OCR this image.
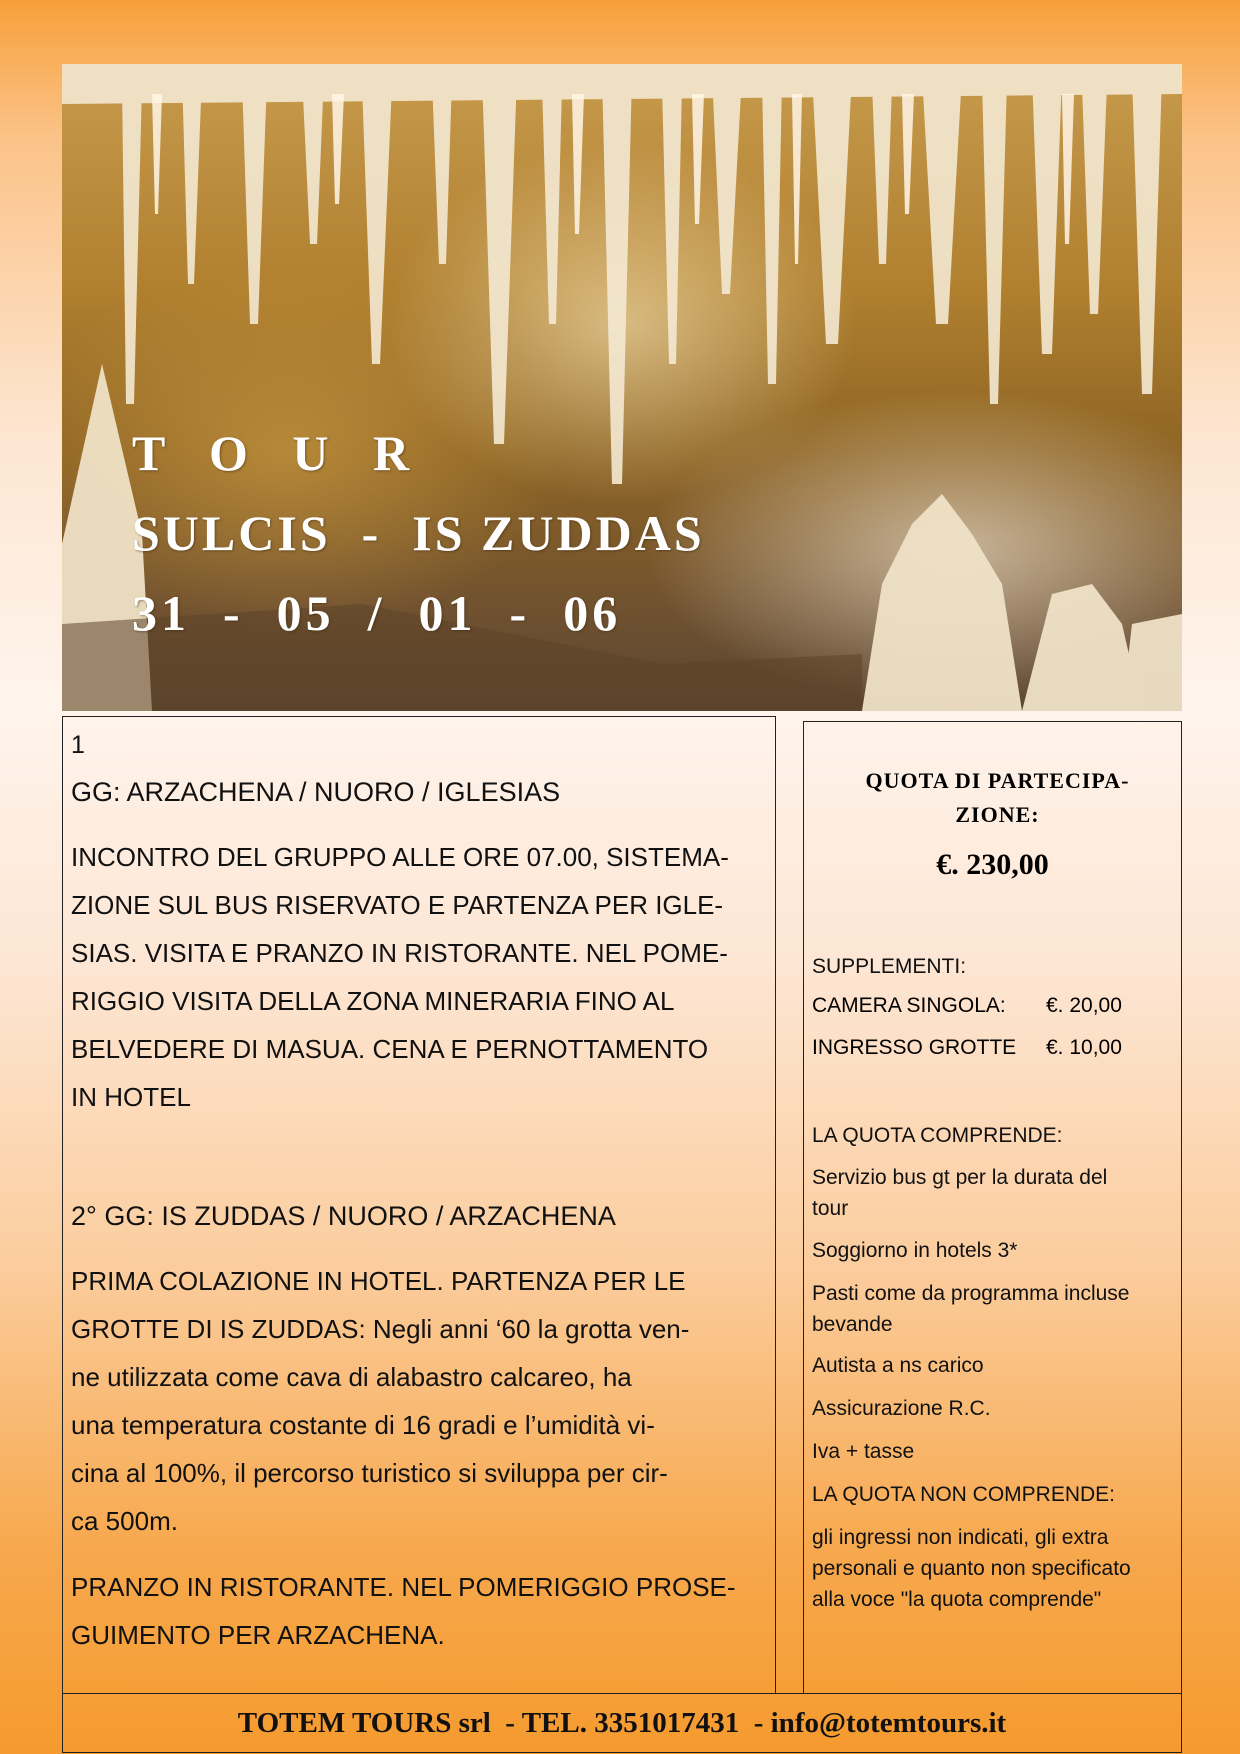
T O U R
SULCIS  -  IS ZUDDAS
31  -  05  /  01  -  06
1
GG: ARZACHENA / NUORO / IGLESIAS
INCONTRO DEL GRUPPO ALLE ORE 07.00, SISTEMA-
ZIONE SUL BUS RISERVATO E PARTENZA PER IGLE-
SIAS. VISITA E PRANZO IN RISTORANTE. NEL POME-
RIGGIO VISITA DELLA ZONA MINERARIA FINO AL
BELVEDERE DI MASUA. CENA E PERNOTTAMENTO
IN HOTEL
2° GG: IS ZUDDAS / NUORO / ARZACHENA
PRIMA COLAZIONE IN HOTEL. PARTENZA PER LE
GROTTE DI IS ZUDDAS: Negli anni ‘60 la grotta ven-
ne utilizzata come cava di alabastro calcareo, ha
una temperatura costante di 16 gradi e l’umidità vi-
cina al 100%, il percorso turistico si sviluppa per cir-
ca 500m.
PRANZO IN RISTORANTE. NEL POMERIGGIO PROSE-
GUIMENTO PER ARZACHENA.
QUOTA DI PARTECIPA-
ZIONE:
€. 230,00
SUPPLEMENTI:
CAMERA SINGOLA:	€. 20,00
INGRESSO GROTTE	€. 10,00
LA QUOTA COMPRENDE:
Servizio bus gt per la durata del
tour
Soggiorno in hotels 3*
Pasti come da programma incluse
bevande
Autista a ns carico
Assicurazione R.C.
Iva + tasse
LA QUOTA NON COMPRENDE:
gli ingressi non indicati, gli extra
personali e quanto non specificato
alla voce "la quota comprende"
TOTEM TOURS srl  - TEL. 3351017431  - info@totemtours.it
